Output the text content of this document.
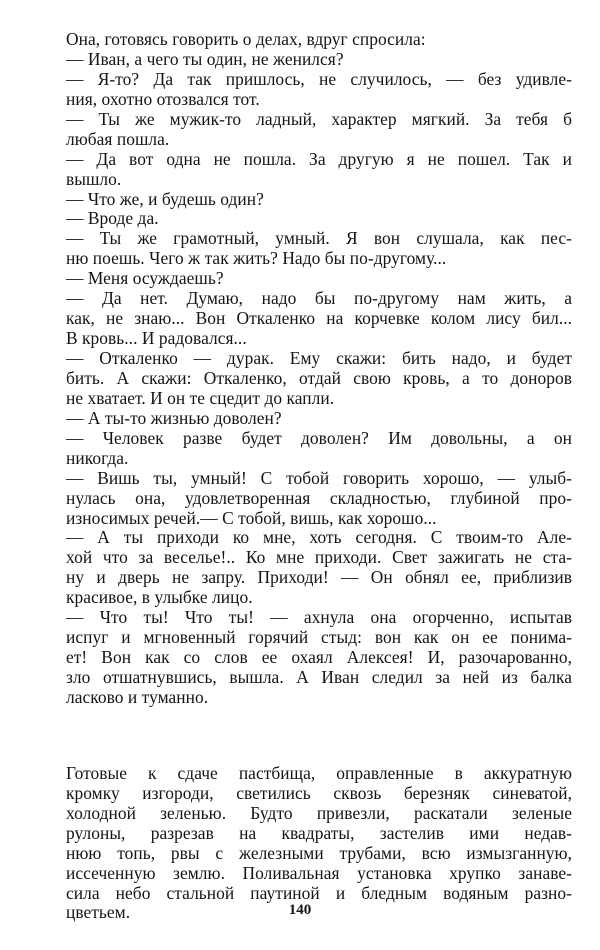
Она, готовясь говорить о делах, вдруг спросила:
— Иван, а чего ты один, не женился?
— Я-то? Да так пришлось, не случилось, — без удивле-
ния, охотно отозвался тот.
— Ты же мужик-то ладный, характер мягкий. За тебя б
любая пошла.
— Да вот одна не пошла. За другую я не пошел. Так и
вышло.
— Что же, и будешь один?
— Вроде да.
— Ты же грамотный, умный. Я вон слушала, как пес-
ню поешь. Чего ж так жить? Надо бы по-другому...
— Меня осуждаешь?
— Да нет. Думаю, надо бы по-другому нам жить, а
как, не знаю... Вон Откаленко на корчевке колом лису бил...
В кровь... И радовался...
— Откаленко — дурак. Ему скажи: бить надо, и будет
бить. А скажи: Откаленко, отдай свою кровь, а то доноров
не хватает. И он те сцедит до капли.
— А ты-то жизнью доволен?
— Человек разве будет доволен? Им довольны, а он
никогда.
— Вишь ты, умный! С тобой говорить хорошо, — улыб-
нулась она, удовлетворенная складностью, глубиной про-
износимых речей.— С тобой, вишь, как хорошо...
— А ты приходи ко мне, хоть сегодня. С твоим-то Але-
хой что за веселье!.. Ко мне приходи. Свет зажигать не ста-
ну и дверь не запру. Приходи! — Он обнял ее, приблизив
красивое, в улыбке лицо.
— Что ты! Что ты! — ахнула она огорченно, испытав
испуг и мгновенный горячий стыд: вон как он ее понима-
ет! Вон как со слов ее охаял Алексея! И, разочарованно,
зло отшатнувшись, вышла. А Иван следил за ней из балка
ласково и туманно.
Готовые к сдаче пастбища, оправленные в аккуратную
кромку изгороди, светились сквозь березняк синеватой,
холодной зеленью. Будто привезли, раскатали зеленые
рулоны, разрезав на квадраты, застелив ими недав-
нюю топь, рвы с железными трубами, всю измызганную,
иссеченную землю. Поливальная установка хрупко занаве-
сила небо стальной паутиной и бледным водяным разно-
цветьем.	140
